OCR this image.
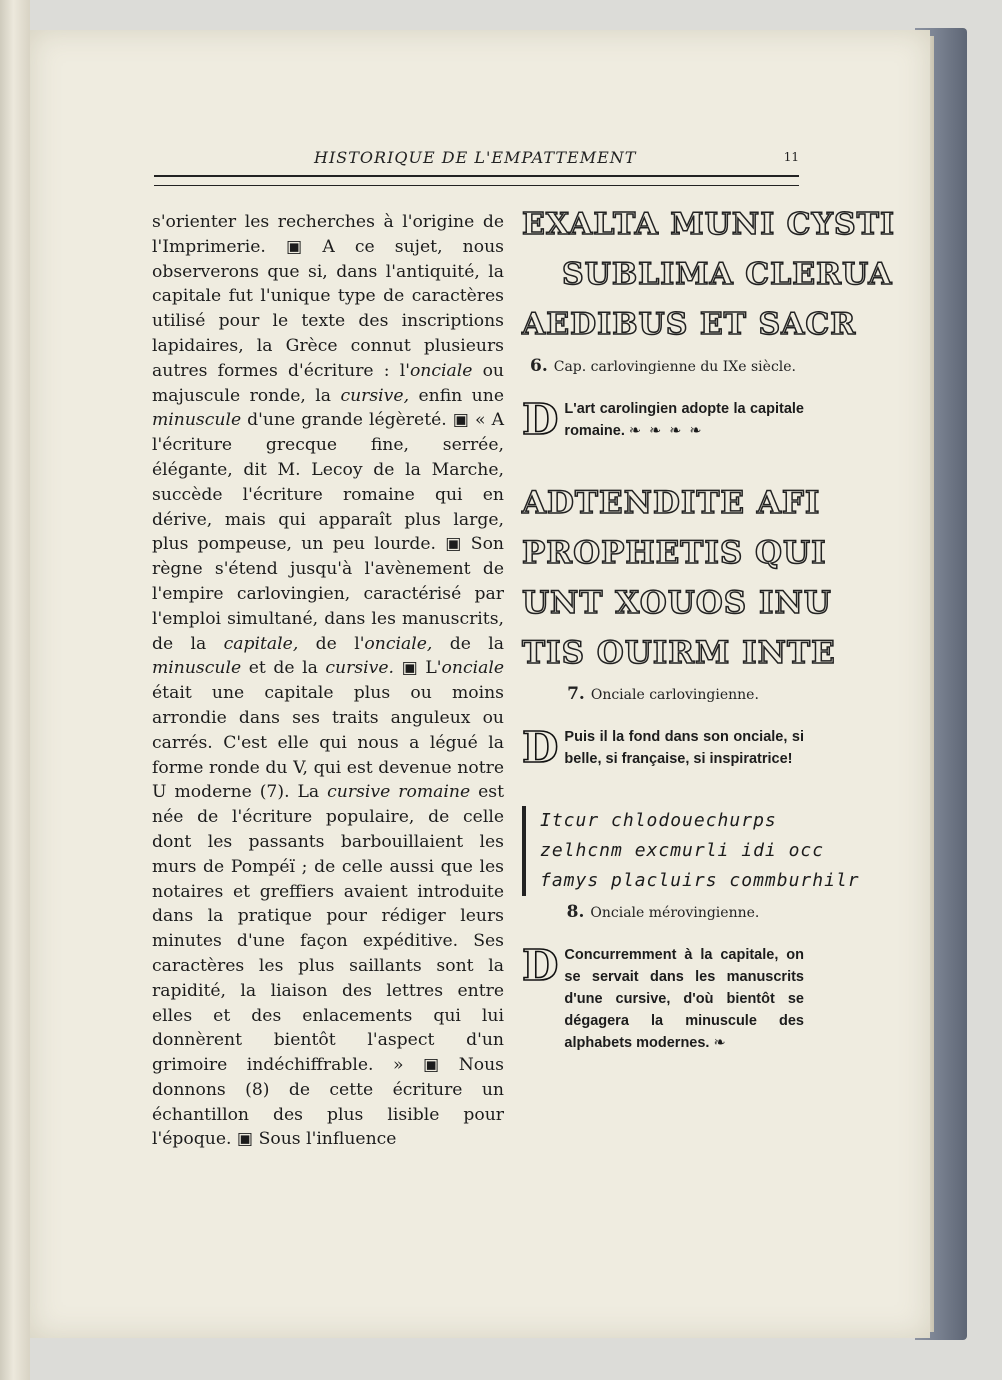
HISTORIQUE DE L'EMPATTEMENT	11

s'orienter les recherches à l'origine de l'Imprimerie. ▣ A ce sujet, nous observerons que si, dans l'antiquité, la capitale fut l'unique type de caractères utilisé pour le texte des inscriptions lapidaires, la Grèce connut plusieurs autres formes d'écriture : l'onciale ou majuscule ronde, la cursive, enfin une minuscule d'une grande légèreté. ▣ « A l'écriture grecque fine, serrée, élégante, dit M. Lecoy de la Marche, succède l'écriture romaine qui en dérive, mais qui apparaît plus large, plus pompeuse, un peu lourde. ▣ Son règne s'étend jusqu'à l'avènement de l'empire carlovingien, caractérisé par l'emploi simultané, dans les manuscrits, de la capitale, de l'onciale, de la minuscule et de la cursive. ▣ L'onciale était une capitale plus ou moins arrondie dans ses traits anguleux ou carrés. C'est elle qui nous a légué la forme ronde du V, qui est devenue notre U moderne (7). La cursive romaine est née de l'écriture populaire, de celle dont les passants barbouillaient les murs de Pompéï ; de celle aussi que les notaires et greffiers avaient introduite dans la pratique pour rédiger leurs minutes d'une façon expéditive. Ses caractères les plus saillants sont la rapidité, la liaison des lettres entre elles et des enlacements qui lui donnèrent bientôt l'aspect d'un grimoire indéchiffrable. » ▣ Nous donnons (8) de cette écriture un échantillon des plus lisible pour l'époque. ▣ Sous l'influence

EXALTA MUNI CYSTI
SUBLIMA CLERUA
AEDIBUS ET SACR
6. Cap. carlovingienne du IXe siècle.
D L'art carolingien adopte la capitale romaine. ❧ ❧ ❧ ❧
ADTENDITE AFI
PROPHETIS QUI
UNT XOUOS INU
TIS OUIRM INTE
7. Onciale carlovingienne.
D Puis il la fond dans son onciale, si belle, si française, si inspiratrice!
Itcur chlodouechurps
zelhcnm excmurli idi occ
famys placluirs commburhilr
8. Onciale mérovingienne.
D Concurremment à la capitale, on se servait dans les manuscrits d'une cursive, d'où bientôt se dégagera la minuscule des alphabets modernes. ❧
